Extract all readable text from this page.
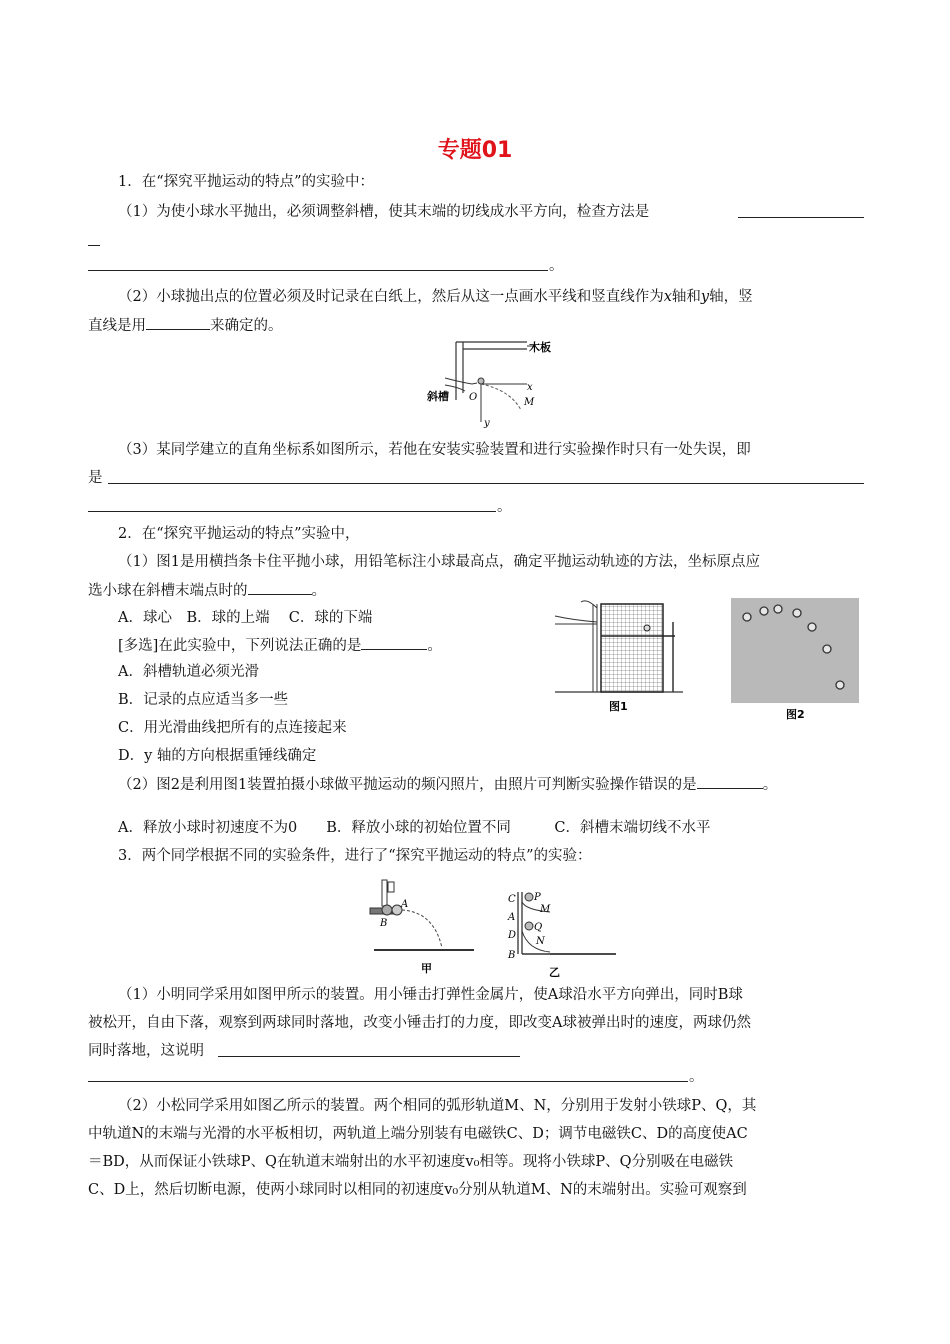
专题01
1．在“探究平抛运动的特点”的实验中：
（1）为使小球水平抛出，必须调整斜槽，使其末端的切线成水平方向，检查方法是
。
（2）小球抛出点的位置必须及时记录在白纸上，然后从这一点画水平线和竖直线作为x轴和y轴，竖
直线是用	来确定的。
木板
斜槽 O
x
y
M
（3）某同学建立的直角坐标系如图所示，若他在安装实验装置和进行实验操作时只有一处失误，即
是
。
2．在“探究平抛运动的特点”实验中，
（1）图1是用横挡条卡住平抛小球，用铅笔标注小球最高点，确定平抛运动轨迹的方法，坐标原点应
选小球在斜槽末端点时的	。
A．球心　B．球的上端　 C．球的下端
[多选]在此实验中，下列说法正确的是	。
A．斜槽轨道必须光滑
B．记录的点应适当多一些
C．用光滑曲线把所有的点连接起来
D．y 轴的方向根据重锤线确定
图1
图2
（2）图2是利用图1装置拍摄小球做平抛运动的频闪照片，由照片可判断实验操作错误的是	。
A．释放小球时初速度不为0　　B．释放小球的初始位置不同　　　C．斜槽末端切线不水平
3．两个同学根据不同的实验条件，进行了“探究平抛运动的特点”的实验：
A
B
甲
C
A
D
B
P
M
Q
N
乙
（1）小明同学采用如图甲所示的装置。用小锤击打弹性金属片，使A球沿水平方向弹出，同时B球
被松开，自由下落，观察到两球同时落地，改变小锤击打的力度，即改变A球被弹出时的速度，两球仍然
同时落地，这说明
。
（2）小松同学采用如图乙所示的装置。两个相同的弧形轨道M、N，分别用于发射小铁球P、Q，其
中轨道N的末端与光滑的水平板相切，两轨道上端分别装有电磁铁C、D；调节电磁铁C、D的高度使AC
＝BD，从而保证小铁球P、Q在轨道末端射出的水平初速度v₀相等。现将小铁球P、Q分别吸在电磁铁
C、D上，然后切断电源，使两小球同时以相同的初速度v₀分别从轨道M、N的末端射出。实验可观察到
